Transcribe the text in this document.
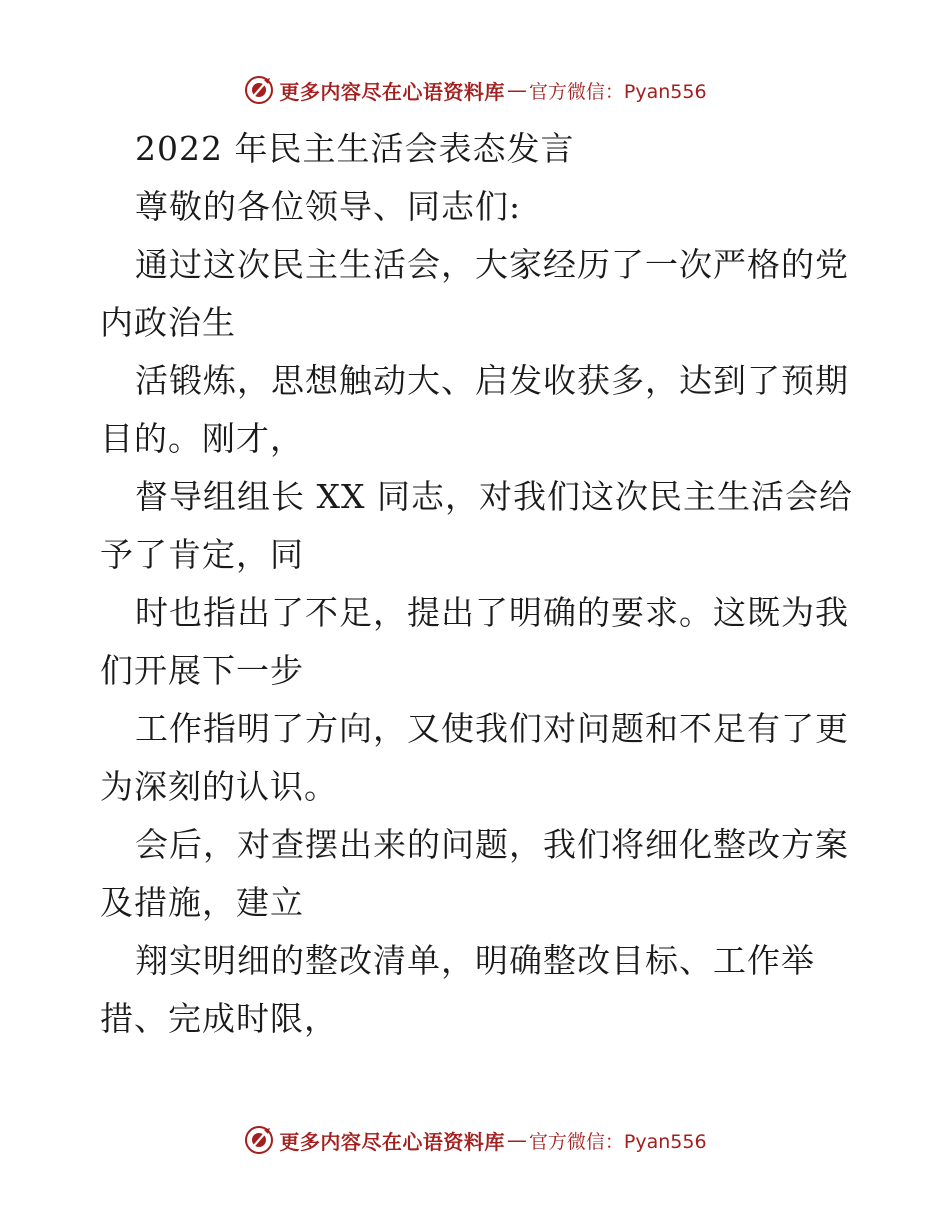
更多内容尽在心语资料库 — 官方微信：Pyan556
2022 年民主生活会表态发言
尊敬的各位领导、同志们:
通过这次民主生活会，大家经历了一次严格的党
内政治生
活锻炼，思想触动大、启发收获多，达到了预期
目的。刚才，
督导组组长 XX 同志，对我们这次民主生活会给
予了肯定，同
时也指出了不足，提出了明确的要求。这既为我
们开展下一步
工作指明了方向，又使我们对问题和不足有了更
为深刻的认识。
会后，对查摆出来的问题，我们将细化整改方案
及措施，建立
翔实明细的整改清单，明确整改目标、工作举
措、完成时限，
更多内容尽在心语资料库 — 官方微信：Pyan556
